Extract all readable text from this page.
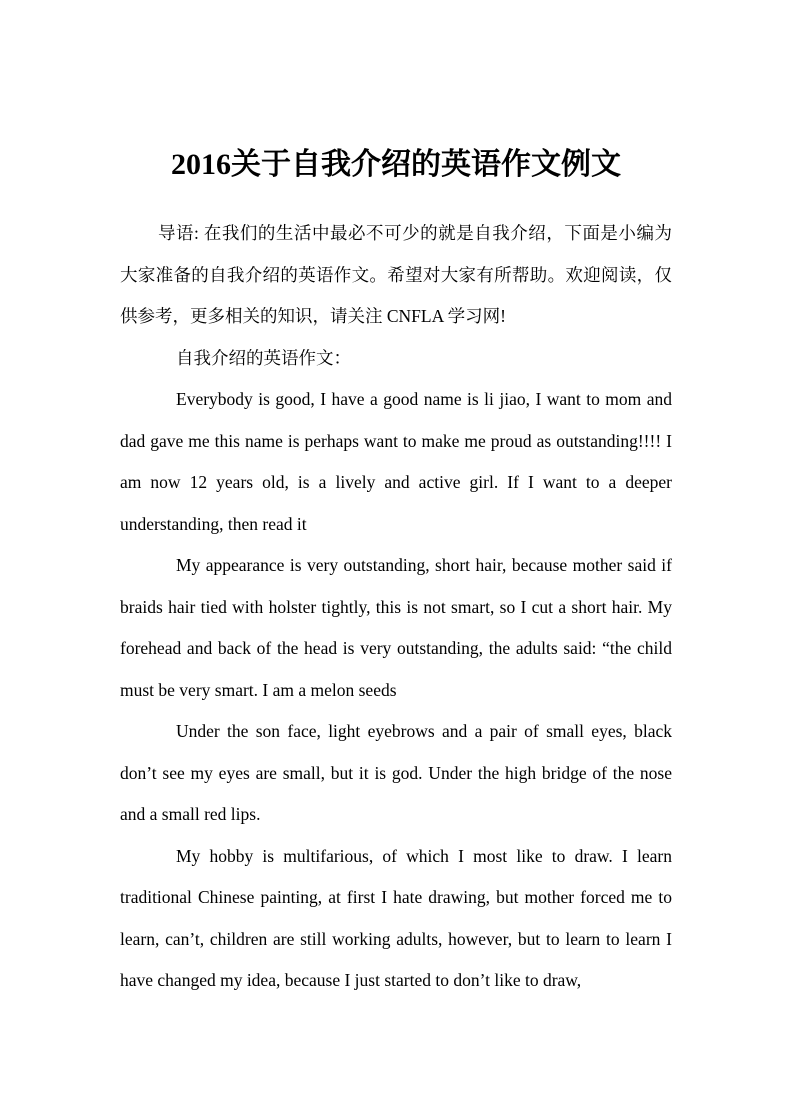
2016关于自我介绍的英语作文例文

导语: 在我们的生活中最必不可少的就是自我介绍，下面是小编为大家准备的自我介绍的英语作文。希望对大家有所帮助。欢迎阅读，仅供参考，更多相关的知识，请关注 CNFLA 学习网!

自我介绍的英语作文：

Everybody is good, I have a good name is li jiao, I want to mom and dad gave me this name is perhaps want to make me proud as outstanding!!!! I am now 12 years old, is a lively and active girl. If I want to a deeper understanding, then read it

My appearance is very outstanding, short hair, because mother said if braids hair tied with holster tightly, this is not smart, so I cut a short hair. My forehead and back of the head is very outstanding, the adults said: “the child must be very smart. I am a melon seeds

Under the son face, light eyebrows and a pair of small eyes, black don’t see my eyes are small, but it is god. Under the high bridge of the nose and a small red lips.

My hobby is multifarious, of which I most like to draw. I learn traditional Chinese painting, at first I hate drawing, but mother forced me to learn, can’t, children are still working adults, however, but to learn to learn I have changed my idea, because I just started to don’t like to draw,
